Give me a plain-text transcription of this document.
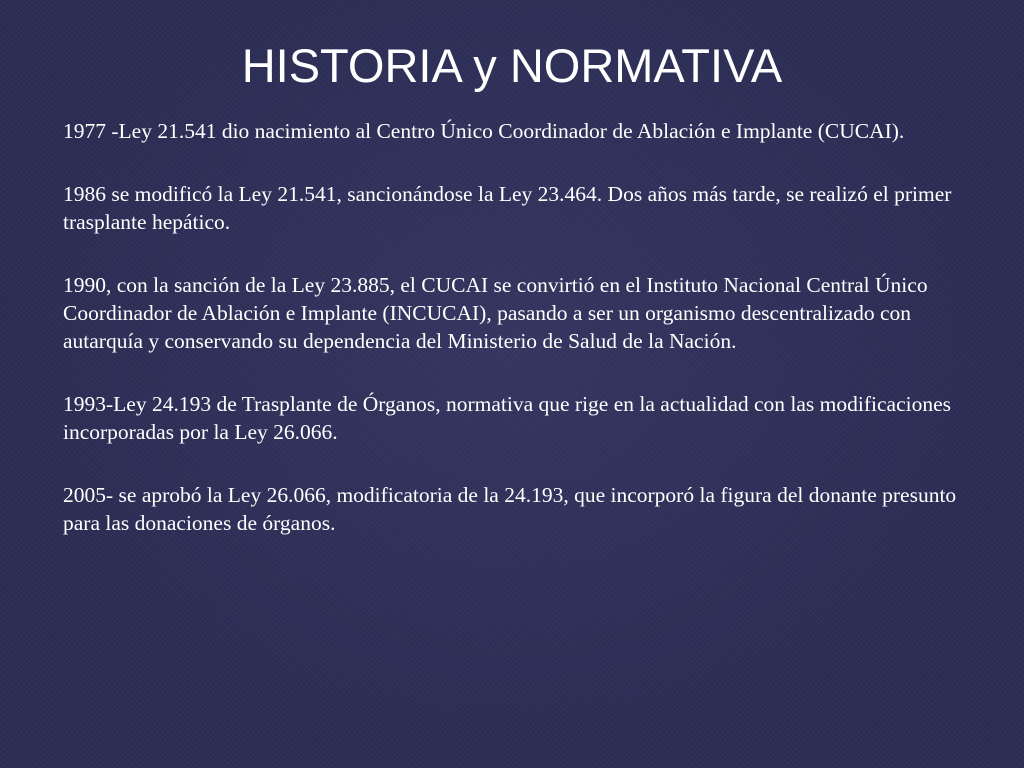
HISTORIA y NORMATIVA

1977 -Ley 21.541 dio nacimiento al Centro Único Coordinador de Ablación e Implante (CUCAI).

1986 se modificó la Ley 21.541, sancionándose la Ley 23.464. Dos años más tarde, se realizó el primer trasplante hepático.

1990, con la sanción de la Ley 23.885, el CUCAI se convirtió en el Instituto Nacional Central Único Coordinador de Ablación e Implante (INCUCAI), pasando a ser un organismo descentralizado con autarquía y conservando su dependencia del Ministerio de Salud de la Nación.

1993-Ley 24.193 de Trasplante de Órganos, normativa que rige en la actualidad con las modificaciones incorporadas por la Ley 26.066.

2005- se aprobó la Ley 26.066, modificatoria de la 24.193, que incorporó la figura del donante presunto para las donaciones de órganos.
